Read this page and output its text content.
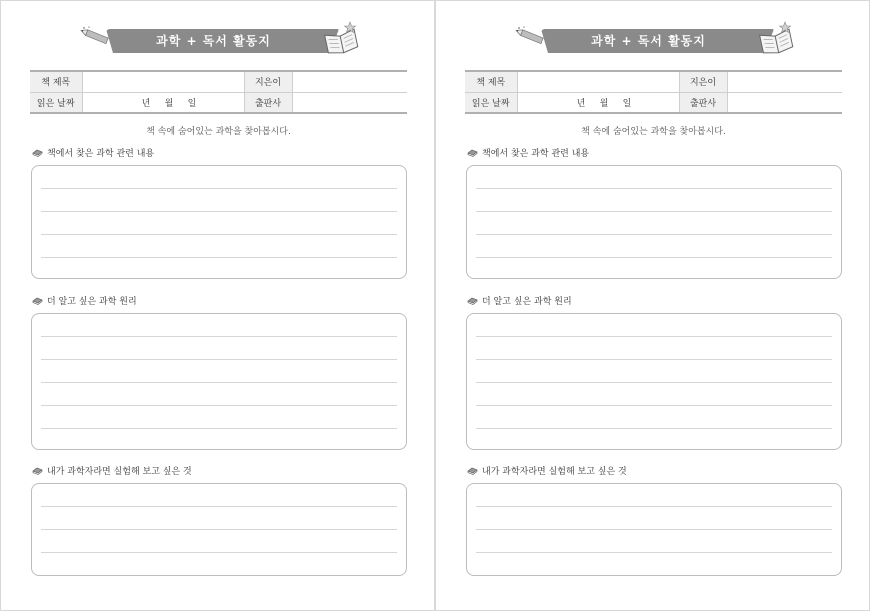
과학 + 독서 활동지
책 제목		지은이	
읽은 날짜	년 월 일	출판사	
책 속에 숨어있는 과학을 찾아봅시다.
책에서 찾은 과학 관련 내용
더 알고 싶은 과학 원리
내가 과학자라면 실험해 보고 싶은 것
과학 + 독서 활동지
책 제목		지은이	
읽은 날짜	년 월 일	출판사	
책 속에 숨어있는 과학을 찾아봅시다.
책에서 찾은 과학 관련 내용
더 알고 싶은 과학 원리
내가 과학자라면 실험해 보고 싶은 것
